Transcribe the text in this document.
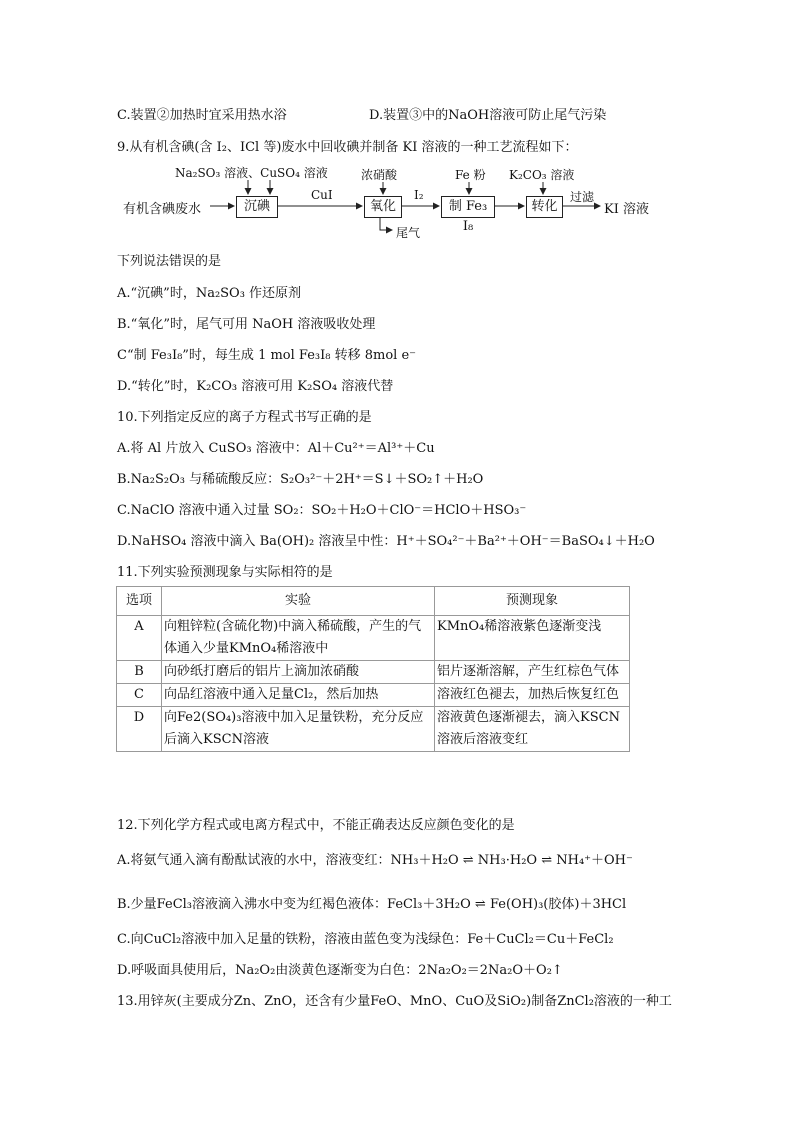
C.装置②加热时宜采用热水浴	D.装置③中的NaOH溶液可防止尾气污染
9.从有机含碘(含 I₂、ICl 等)废水中回收碘并制备 KI 溶液的一种工艺流程如下：
Na₂SO₃ 溶液、CuSO₄ 溶液	浓硝酸	Fe 粉 K₂CO₃ 溶液
有机含碘废水	沉碘
CuI
氧化
尾气
I₂
制 Fe₃ I₈
转化
过滤
KI 溶液
下列说法错误的是
A.“沉碘”时，Na₂SO₃ 作还原剂
B.“氧化”时，尾气可用 NaOH 溶液吸收处理
C“制 Fe₃I₈”时，每生成 1 mol Fe₃I₈ 转移 8mol e⁻
D.“转化”时，K₂CO₃ 溶液可用 K₂SO₄ 溶液代替
10.下列指定反应的离子方程式书写正确的是
A.将 Al 片放入 CuSO₃ 溶液中：Al＋Cu²⁺＝Al³⁺＋Cu
B.Na₂S₂O₃ 与稀硫酸反应：S₂O₃²⁻＋2H⁺＝S↓＋SO₂↑＋H₂O
C.NaClO 溶液中通入过量 SO₂：SO₂＋H₂O＋ClO⁻＝HClO＋HSO₃⁻
D.NaHSO₄ 溶液中滴入 Ba(OH)₂ 溶液呈中性：H⁺＋SO₄²⁻＋Ba²⁺＋OH⁻＝BaSO₄↓＋H₂O
11.下列实验预测现象与实际相符的是
选项	实验	预测现象
A	向粗锌粒(含硫化物)中滴入稀硫酸，产生的气体通入少量KMnO₄稀溶液中	KMnO₄稀溶液紫色逐渐变浅
B	向砂纸打磨后的铝片上滴加浓硝酸	铝片逐渐溶解，产生红棕色气体
C	向品红溶液中通入足量Cl₂，然后加热	溶液红色褪去，加热后恢复红色
D	向Fe2(SO₄)₃溶液中加入足量铁粉，充分反应后滴入KSCN溶液	溶液黄色逐渐褪去，滴入KSCN溶液后溶液变红
12.下列化学方程式或电离方程式中，不能正确表达反应颜色变化的是
A.将氨气通入滴有酚酞试液的水中，溶液变红：NH₃＋H₂O ⇌ NH₃·H₂O ⇌ NH₄⁺＋OH⁻
B.少量FeCl₃溶液滴入沸水中变为红褐色液体：FeCl₃＋3H₂O ⇌ Fe(OH)₃(胶体)＋3HCl
C.向CuCl₂溶液中加入足量的铁粉，溶液由蓝色变为浅绿色：Fe＋CuCl₂＝Cu＋FeCl₂
D.呼吸面具使用后，Na₂O₂由淡黄色逐渐变为白色：2Na₂O₂＝2Na₂O＋O₂↑
13.用锌灰(主要成分Zn、ZnO，还含有少量FeO、MnO、CuO及SiO₂)制备ZnCl₂溶液的一种工
